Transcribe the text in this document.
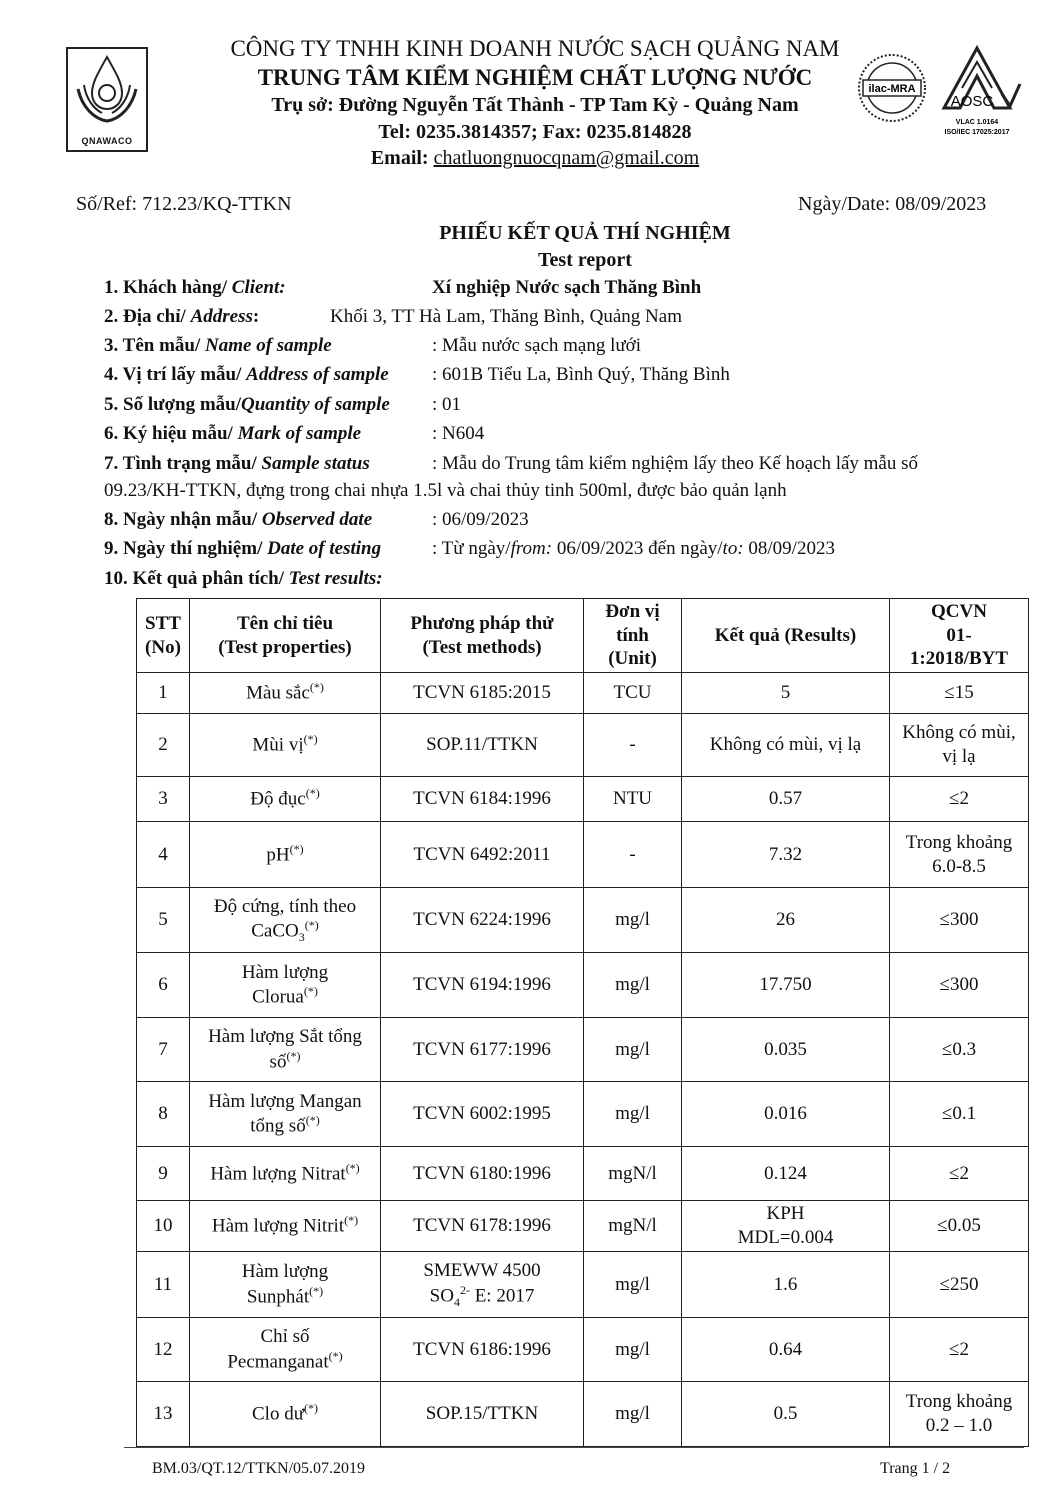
QNAWACO
CÔNG TY TNHH KINH DOANH NƯỚC SẠCH QUẢNG NAM
TRUNG TÂM KIỂM NGHIỆM CHẤT LƯỢNG NƯỚC
Trụ sở: Đường Nguyễn Tất Thành - TP Tam Kỳ - Quảng Nam
Tel: 0235.3814357; Fax: 0235.814828
Email: chatluongnuocqnam@gmail.com
ilac-MRA
AOSC
VLAC 1.0164
ISO/IEC 17025:2017
Số/Ref: 712.23/KQ-TTKN	Ngày/Date: 08/09/2023
PHIẾU KẾT QUẢ THÍ NGHIỆM
Test report
1. Khách hàng/ Client:	Xí nghiệp Nước sạch Thăng Bình
2. Địa chỉ/ Address:	Khối 3, TT Hà Lam, Thăng Bình, Quảng Nam
3. Tên mẫu/ Name of sample	: Mẫu nước sạch mạng lưới
4. Vị trí lấy mẫu/ Address of sample : 601B Tiểu La, Bình Quý, Thăng Bình
5. Số lượng mẫu/Quantity of sample : 01
6. Ký hiệu mẫu/ Mark of sample	: N604
7. Tình trạng mẫu/ Sample status	: Mẫu do Trung tâm kiểm nghiệm lấy theo Kế hoạch lấy mẫu số
09.23/KH-TTKN, đựng trong chai nhựa 1.5l và chai thủy tinh 500ml, được bảo quản lạnh
8. Ngày nhận mẫu/ Observed date	: 06/09/2023
9. Ngày thí nghiệm/ Date of testing	: Từ ngày/from: 06/09/2023 đến ngày/to: 08/09/2023
10. Kết quả phân tích/ Test results:
STT
(No)	Tên chỉ tiêu
(Test properties)	Phương pháp thử
(Test methods)	Đơn vị
tính
(Unit)	Kết quả (Results)	QCVN
01-
1:2018/BYT
1	Màu sắc(*)	TCVN 6185:2015	TCU	5	≤15
2	Mùi vị(*)	SOP.11/TTKN	-	Không có mùi, vị lạ	Không có mùi,
vị lạ
3	Độ đục(*)	TCVN 6184:1996	NTU	0.57	≤2
4	pH(*)	TCVN 6492:2011	-	7.32	Trong khoảng
6.0-8.5
5	Độ cứng, tính theo
CaCO$_3$(*)	TCVN 6224:1996	mg/l	26	≤300
6	Hàm lượng
Clorua(*)	TCVN 6194:1996	mg/l	17.750	≤300
7	Hàm lượng Sắt tổng
số(*)	TCVN 6177:1996	mg/l	0.035	≤0.3
8	Hàm lượng Mangan
tổng số(*)	TCVN 6002:1995	mg/l	0.016	≤0.1
9	Hàm lượng Nitrat(*)	TCVN 6180:1996	mgN/l	0.124	≤2
10	Hàm lượng Nitrit(*)	TCVN 6178:1996	mgN/l	KPH
MDL=0.004	≤0.05
11	Hàm lượng
Sunphát(*)	SMEWW 4500
$SO_4^{2-}$ E: 2017	mg/l	1.6	≤250
12	Chỉ số
Pecmanganat(*)	TCVN 6186:1996	mg/l	0.64	≤2
13	Clo dư(*)	SOP.15/TTKN	mg/l	0.5	Trong khoảng
0.2 – 1.0
BM.03/QT.12/TTKN/05.07.2019	Trang 1 / 2
